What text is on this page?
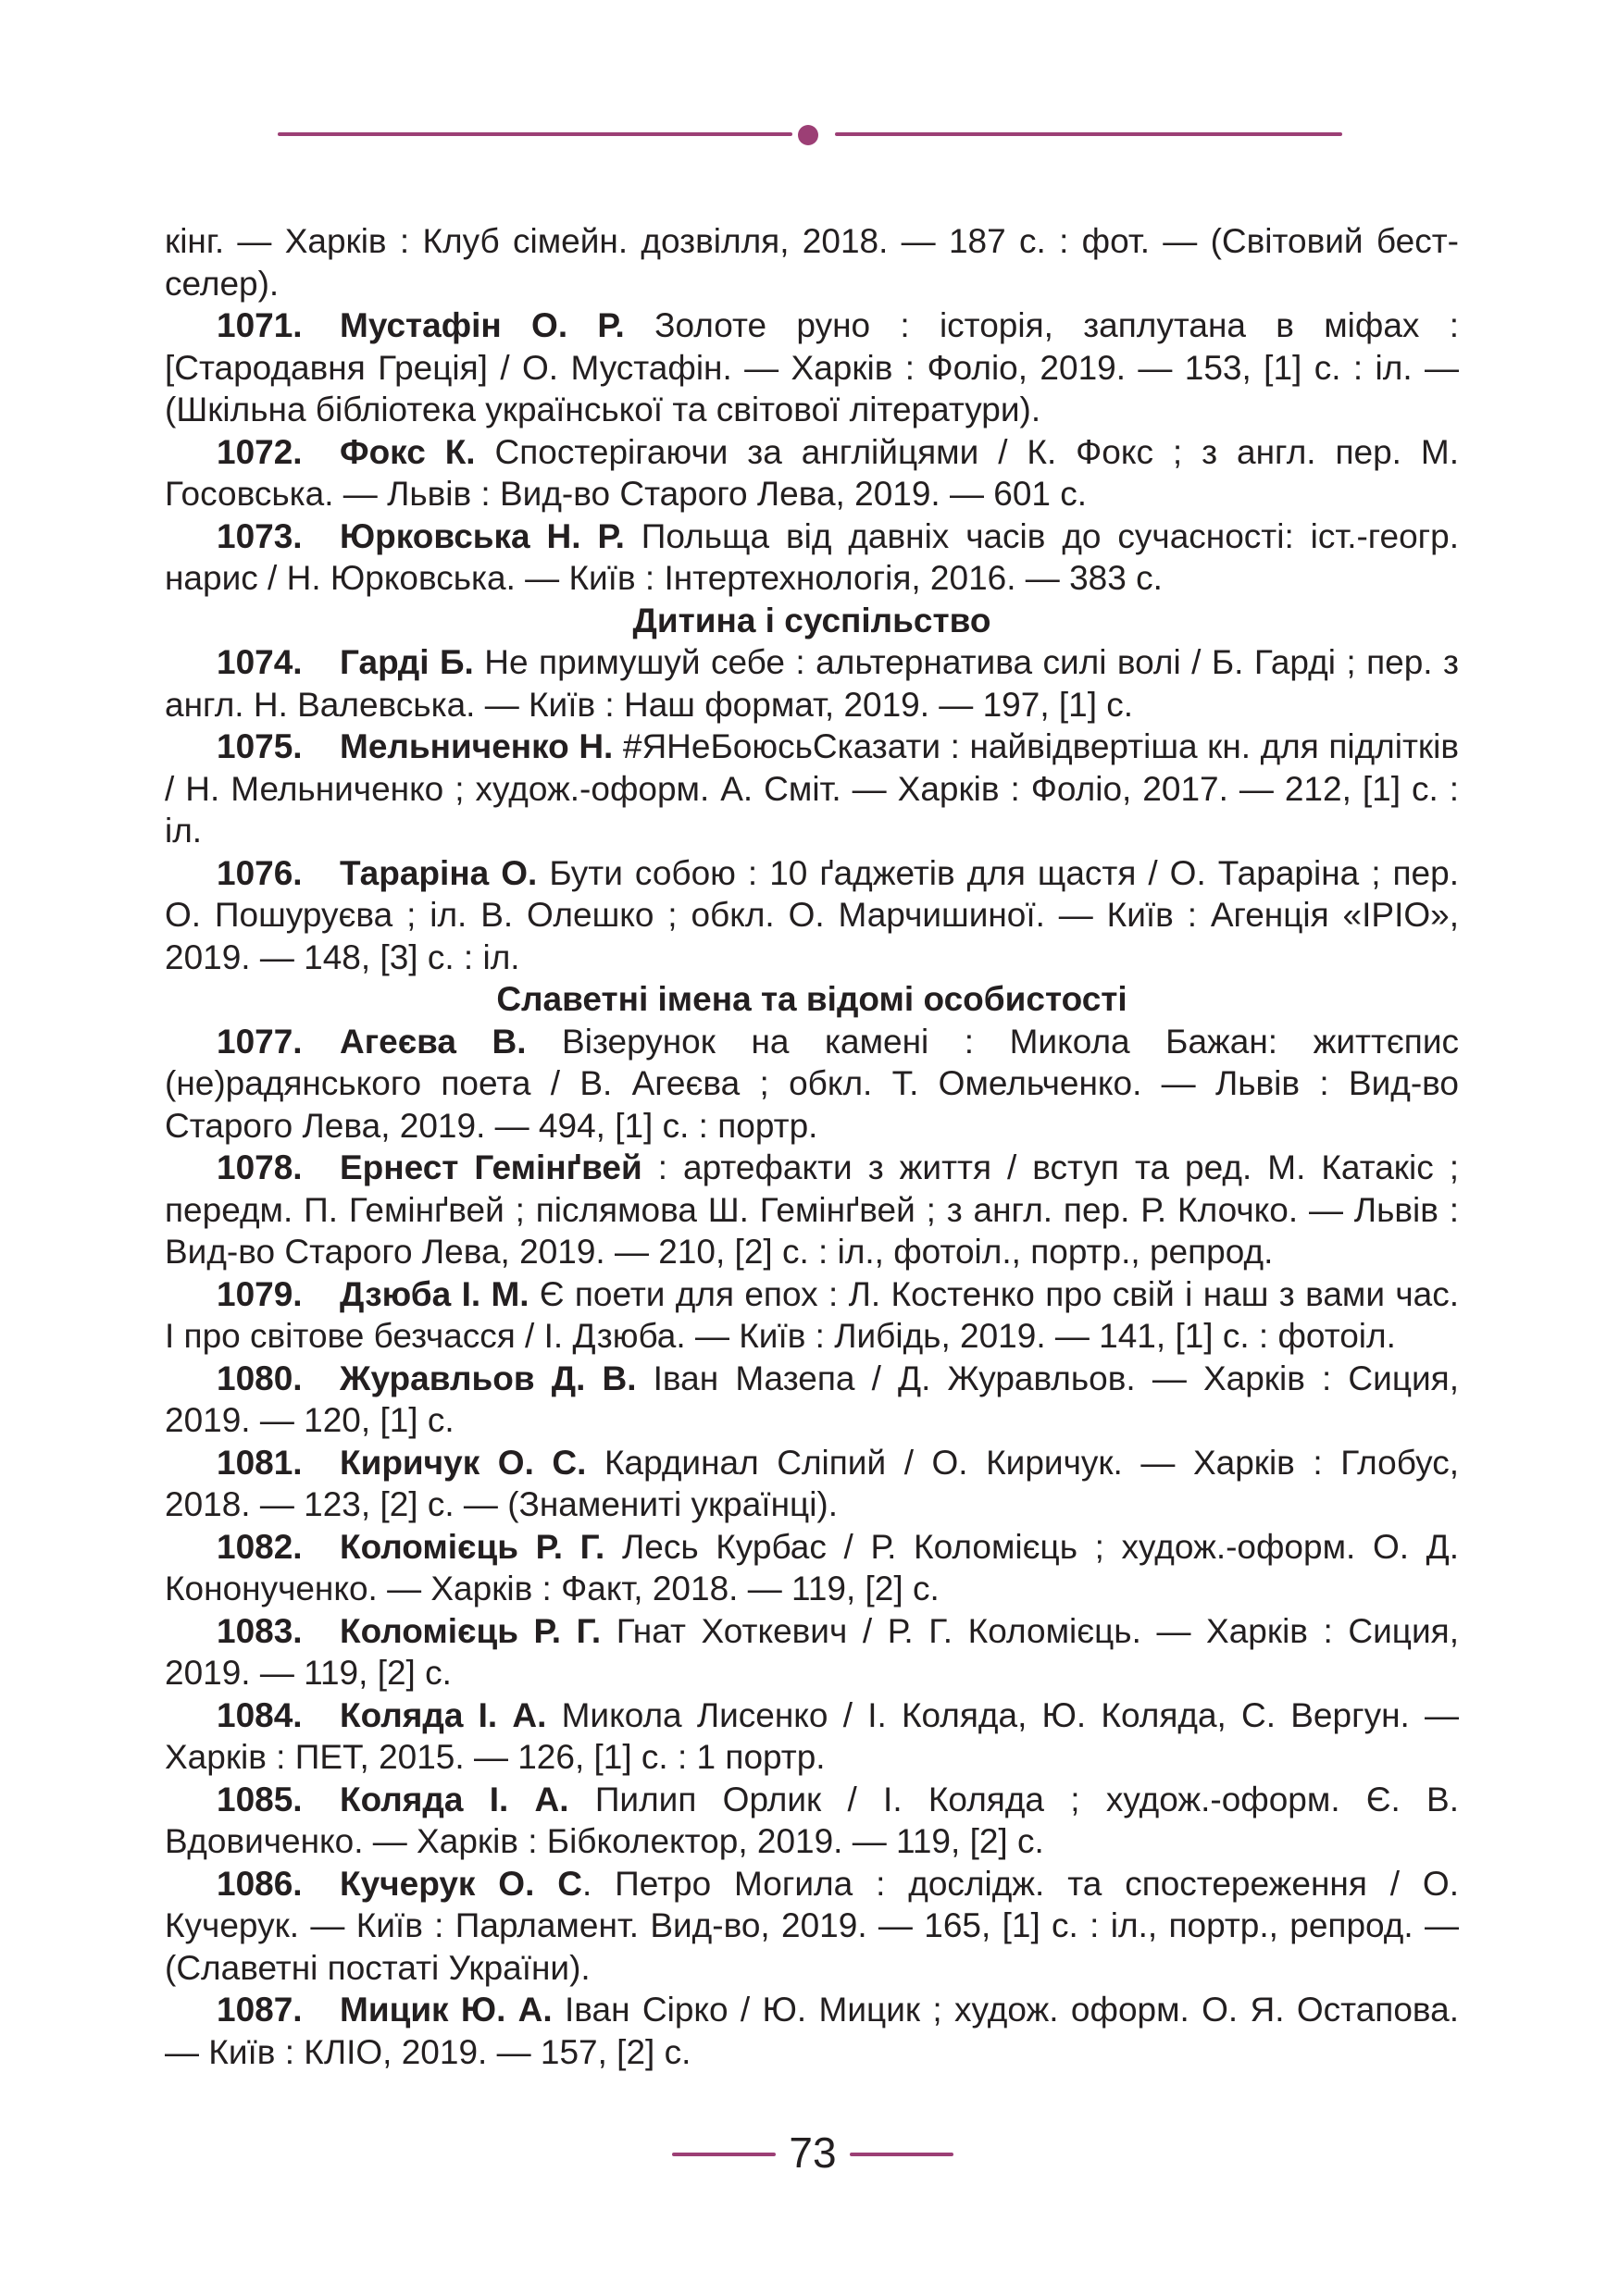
кінг. — Харків : Клуб сімейн. дозвілля, 2018. — 187 с. : фот. — (Світовий бест-селер).

1071. Мустафін О. Р. Золоте руно : історія, заплутана в міфах : [Стародавня Греція] / О. Мустафін. — Харків : Фоліо, 2019. — 153, [1] с. : іл. — (Шкільна бібліотека української та світової літератури).

1072. Фокс К. Спостерігаючи за англійцями / К. Фокс ; з англ. пер. М. Госовська. — Львів : Вид-во Старого Лева, 2019. — 601 с.

1073. Юрковська Н. Р. Польща від давніх часів до сучасності: іст.-геогр. нарис / Н. Юрковська. — Київ : Інтертехнологія, 2016. — 383 с.

Дитина і суспільство

1074. Гарді Б. Не примушуй себе : альтернатива силі волі / Б. Гарді ; пер. з англ. Н. Валевська. — Київ : Наш формат, 2019. — 197, [1] с.

1075. Мельниченко Н. #ЯНеБоюсьСказати : найвідвертіша кн. для підлітків / Н. Мельниченко ; худож.-оформ. А. Сміт. — Харків : Фоліо, 2017. — 212, [1] с. : іл.

1076. Тараріна О. Бути собою : 10 ґаджетів для щастя / О. Тараріна ; пер. О. Пошуруєва ; іл. В. Олешко ; обкл. О. Марчишиної. — Київ : Агенція «ІРІО», 2019. — 148, [3] с. : іл.

Славетні імена та відомі особистості

1077. Агеєва В. Візерунок на камені : Микола Бажан: життєпис (не)радянського поета / В. Агеєва ; обкл. Т. Омельченко. — Львів : Вид-во Старого Лева, 2019. — 494, [1] с. : портр.

1078. Ернест Гемінґвей : артефакти з життя / вступ та ред. М. Катакіс ; передм. П. Гемінґвей ; післямова Ш. Гемінґвей ; з англ. пер. Р. Клочко. — Львів : Вид-во Старого Лева, 2019. — 210, [2] с. : іл., фотоіл., портр., репрод.

1079. Дзюба І. М. Є поети для епох : Л. Костенко про свій і наш з вами час. І про світове безчасся / І. Дзюба. — Київ : Либідь, 2019. — 141, [1] с. : фотоіл.

1080. Журавльов Д. В. Іван Мазепа / Д. Журавльов. — Харків : Сиция, 2019. — 120, [1] с.

1081. Киричук О. С. Кардинал Сліпий / О. Киричук. — Харків : Глобус, 2018. — 123, [2] с. — (Знамениті українці).

1082. Коломієць Р. Г. Лесь Курбас / Р. Коломієць ; худож.-оформ. О. Д. Кононученко. — Харків : Факт, 2018. — 119, [2] с.

1083. Коломієць Р. Г. Гнат Хоткевич / Р. Г. Коломієць. — Харків : Сиция, 2019. — 119, [2] с.

1084. Коляда І. А. Микола Лисенко / І. Коляда, Ю. Коляда, С. Вергун. — Харків : ПЕТ, 2015. — 126, [1] с. : 1 портр.

1085. Коляда І. А. Пилип Орлик / І. Коляда ; худож.-оформ. Є. В. Вдовиченко. — Харків : Бібколектор, 2019. — 119, [2] с.

1086. Кучерук О. С. Петро Могила : дослідж. та спостереження / О. Кучерук. — Київ : Парламент. Вид-во, 2019. — 165, [1] с. : іл., портр., репрод. — (Славетні постаті України).

1087. Мицик Ю. А. Іван Сірко / Ю. Мицик ; худож. оформ. О. Я. Остапова. — Київ : КЛІО, 2019. — 157, [2] с.

73
